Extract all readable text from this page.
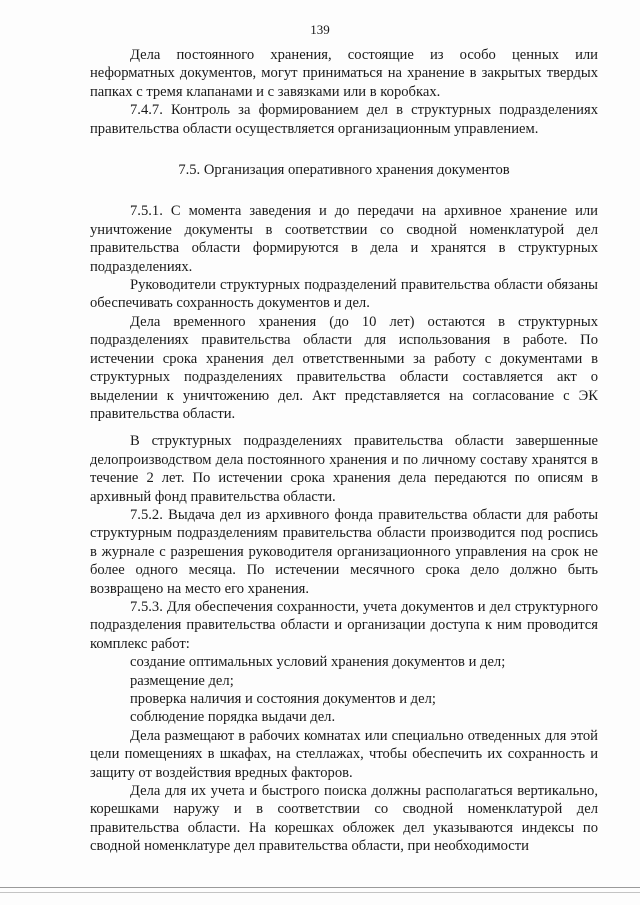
139

Дела постоянного хранения, состоящие из особо ценных или неформатных документов, могут приниматься на хранение в закрытых твердых папках с тремя клапанами и с завязками или в коробках.

7.4.7. Контроль за формированием дел в структурных подразделениях правительства области осуществляется организационным управлением.

7.5. Организация оперативного хранения документов

7.5.1. С момента заведения и до передачи на архивное хранение или уничтожение документы в соответствии со сводной номенклатурой дел правительства области формируются в дела и хранятся в структурных подразделениях.

Руководители структурных подразделений правительства области обязаны обеспечивать сохранность документов и дел.

Дела временного хранения (до 10 лет) остаются в структурных подразделениях правительства области для использования в работе. По истечении срока хранения дел ответственными за работу с документами в структурных подразделениях правительства области составляется акт о выделении к уничтожению дел. Акт представляется на согласование с ЭК правительства области.

В структурных подразделениях правительства области завершенные делопроизводством дела постоянного хранения и по личному составу хранятся в течение 2 лет. По истечении срока хранения дела передаются по описям в архивный фонд правительства области.

7.5.2. Выдача дел из архивного фонда правительства области для работы структурным подразделениям правительства области производится под роспись в журнале с разрешения руководителя организационного управления на срок не более одного месяца. По истечении месячного срока дело должно быть возвращено на место его хранения.

7.5.3. Для обеспечения сохранности, учета документов и дел структурного подразделения правительства области и организации доступа к ним проводится комплекс работ:

создание оптимальных условий хранения документов и дел;

размещение дел;

проверка наличия и состояния документов и дел;

соблюдение порядка выдачи дел.

Дела размещают в рабочих комнатах или специально отведенных для этой цели помещениях в шкафах, на стеллажах, чтобы обеспечить их сохранность и защиту от воздействия вредных факторов.

Дела для их учета и быстрого поиска должны располагаться вертикально, корешками наружу и в соответствии со сводной номенклатурой дел правительства области. На корешках обложек дел указываются индексы по сводной номенклатуре дел правительства области, при необходимости
